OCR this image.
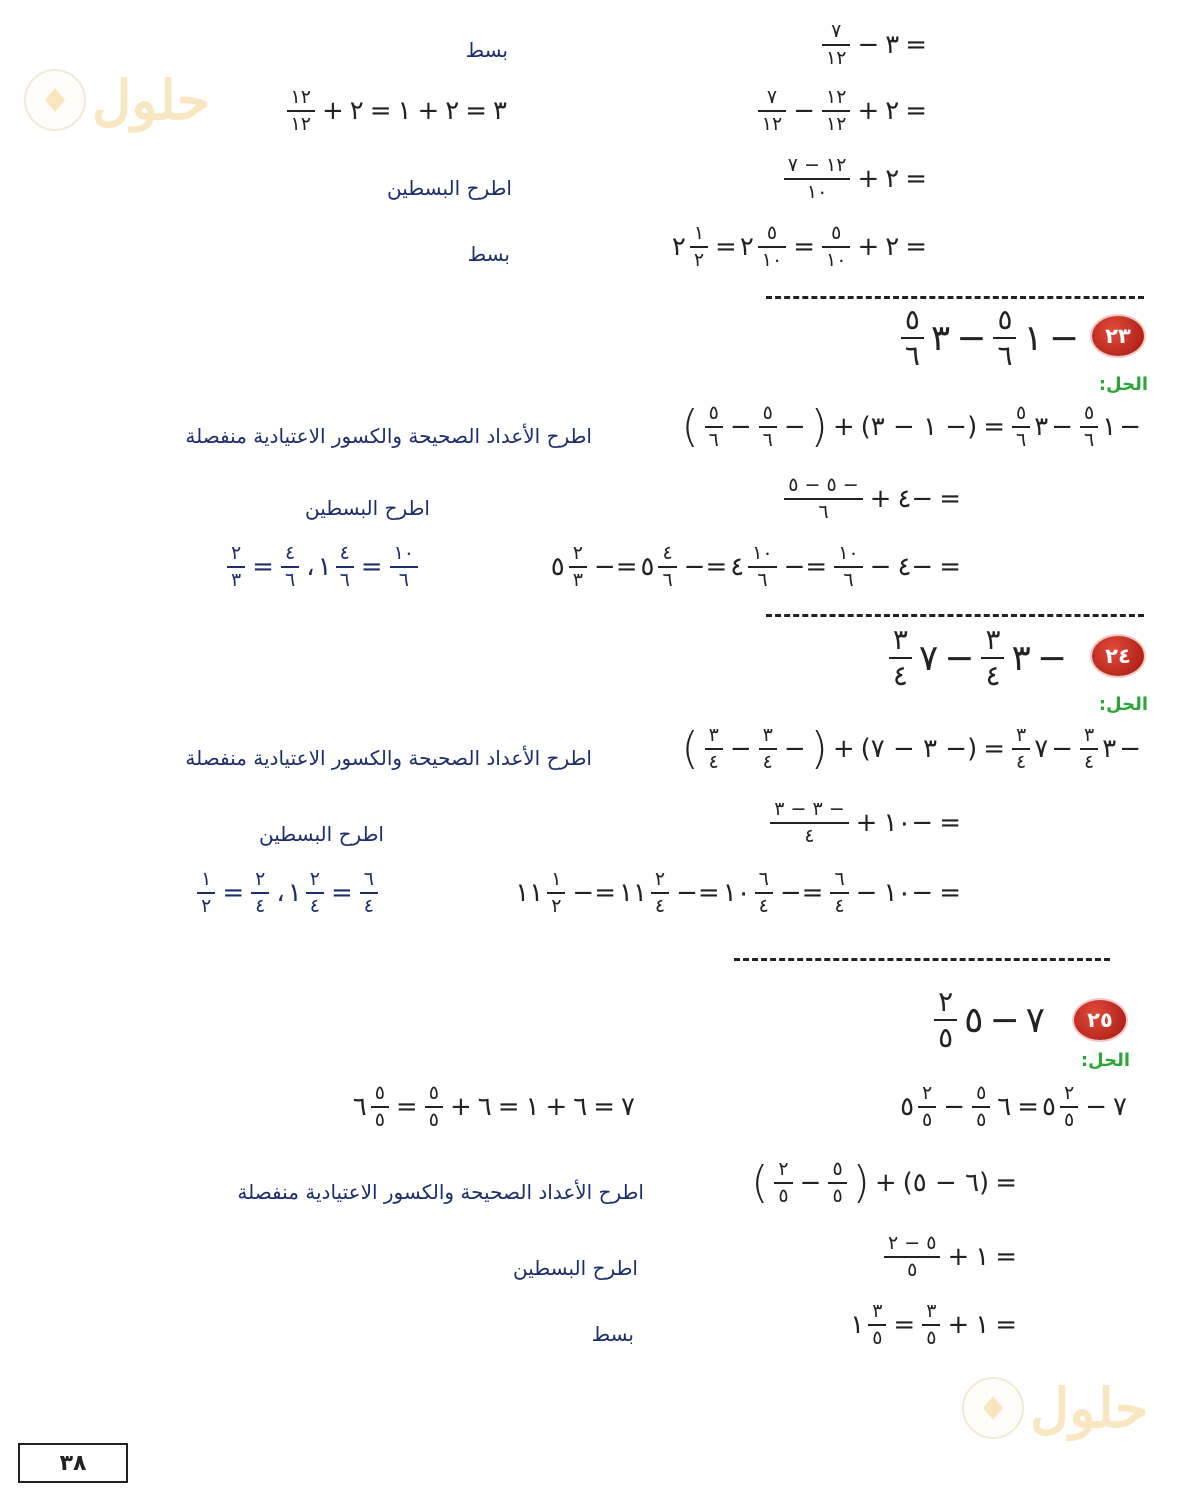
حلول
حلول
=
٣
−
$\frac{٧}{١٢}$
بسط
=
٢
+
$\frac{١٢}{١٢}$
−
$\frac{٧}{١٢}$
٣
=
٢
+
١
=
٢
+
$\frac{١٢}{١٢}$
=
٢
+
$\frac{١٢ - ٧}{١٠}$
اطرح البسطين
=
٢
+
$\frac{٥}{١٠}$
=
$\frac{٥}{١٠}$
٢
=
$\frac{١}{٢}$
٢
بسط
٢٣
−
١
$\frac{٥}{٦}$
−
٣
$\frac{٥}{٦}$
الحل:
−
١
$\frac{٥}{٦}$
−
٣
$\frac{٥}{٦}$
=
(− ١ − ٣)
+
(
−
$\frac{٥}{٦}$
−
$\frac{٥}{٦}$
)
اطرح الأعداد الصحيحة والكسور الاعتيادية منفصلة
=
−٤
+
$\frac{- ٥ - ٥}{٦}$
اطرح البسطين
=
−٤
−
$\frac{١٠}{٦}$
=−
$\frac{١٠}{٦}$
٤
=−
$\frac{٤}{٦}$
٥
=−
$\frac{٢}{٣}$
٥
$\frac{١٠}{٦}$
=
$\frac{٤}{٦}$
١
،
$\frac{٤}{٦}$
=
$\frac{٢}{٣}$
٢٤
−
٣
$\frac{٣}{٤}$
−
٧
$\frac{٣}{٤}$
الحل:
−
٣
$\frac{٣}{٤}$
−
٧
$\frac{٣}{٤}$
=
(− ٣ − ٧)
+
(
−
$\frac{٣}{٤}$
−
$\frac{٣}{٤}$
)
اطرح الأعداد الصحيحة والكسور الاعتيادية منفصلة
=
−١٠
+
$\frac{- ٣ - ٣}{٤}$
اطرح البسطين
=
−١٠
−
$\frac{٦}{٤}$
=−
$\frac{٦}{٤}$
١٠
=−
$\frac{٢}{٤}$
١١
=−
$\frac{١}{٢}$
١١
$\frac{٦}{٤}$
=
$\frac{٢}{٤}$
١
،
$\frac{٢}{٤}$
=
$\frac{١}{٢}$
٢٥
٧
−
٥
$\frac{٢}{٥}$
الحل:
٧
−
$\frac{٢}{٥}$
٥
=
٦
$\frac{٥}{٥}$
−
$\frac{٢}{٥}$
٥
٧
=
٦
+
١
=
٦
+
$\frac{٥}{٥}$
=
$\frac{٥}{٥}$
٦
=
(٦ − ٥)
+
(
$\frac{٥}{٥}$
−
$\frac{٢}{٥}$
)
اطرح الأعداد الصحيحة والكسور الاعتيادية منفصلة
=
١
+
$\frac{٥ - ٢}{٥}$
اطرح البسطين
=
١
+
$\frac{٣}{٥}$
=
$\frac{٣}{٥}$
١
بسط
٣٨
